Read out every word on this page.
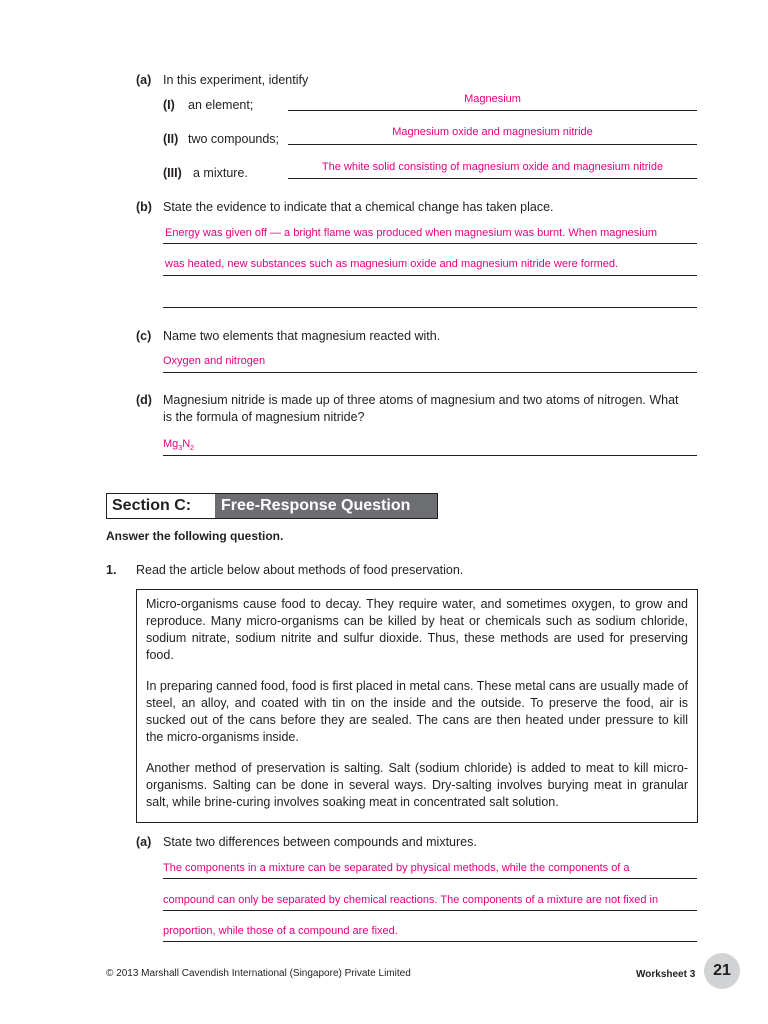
(a) In this experiment, identify
(I) an element;	Magnesium
(II) two compounds;	Magnesium oxide and magnesium nitride
(III) a mixture.	The white solid consisting of magnesium oxide and magnesium nitride
(b) State the evidence to indicate that a chemical change has taken place.
Energy was given off — a bright flame was produced when magnesium was burnt. When magnesium
was heated, new substances such as magnesium oxide and magnesium nitride were formed.
(c) Name two elements that magnesium reacted with.
Oxygen and nitrogen
(d) Magnesium nitride is made up of three atoms of magnesium and two atoms of nitrogen. What
is the formula of magnesium nitride?
$Mg_3N_2$
Section C:	Free-Response Question
Answer the following question.
1. Read the article below about methods of food preservation.

Micro-organisms cause food to decay. They require water, and sometimes oxygen, to grow and reproduce. Many micro-organisms can be killed by heat or chemicals such as sodium chloride, sodium nitrate, sodium nitrite and sulfur dioxide. Thus, these methods are used for preserving food.

In preparing canned food, food is first placed in metal cans. These metal cans are usually made of steel, an alloy, and coated with tin on the inside and the outside. To preserve the food, air is sucked out of the cans before they are sealed. The cans are then heated under pressure to kill the micro-organisms inside.

Another method of preservation is salting. Salt (sodium chloride) is added to meat to kill micro-organisms. Salting can be done in several ways. Dry-salting involves burying meat in granular salt, while brine-curing involves soaking meat in concentrated salt solution.

(a) State two differences between compounds and mixtures.
The components in a mixture can be separated by physical methods, while the components of a
compound can only be separated by chemical reactions. The components of a mixture are not fixed in
proportion, while those of a compound are fixed.
© 2013 Marshall Cavendish International (Singapore) Private Limited	Worksheet 3	21
